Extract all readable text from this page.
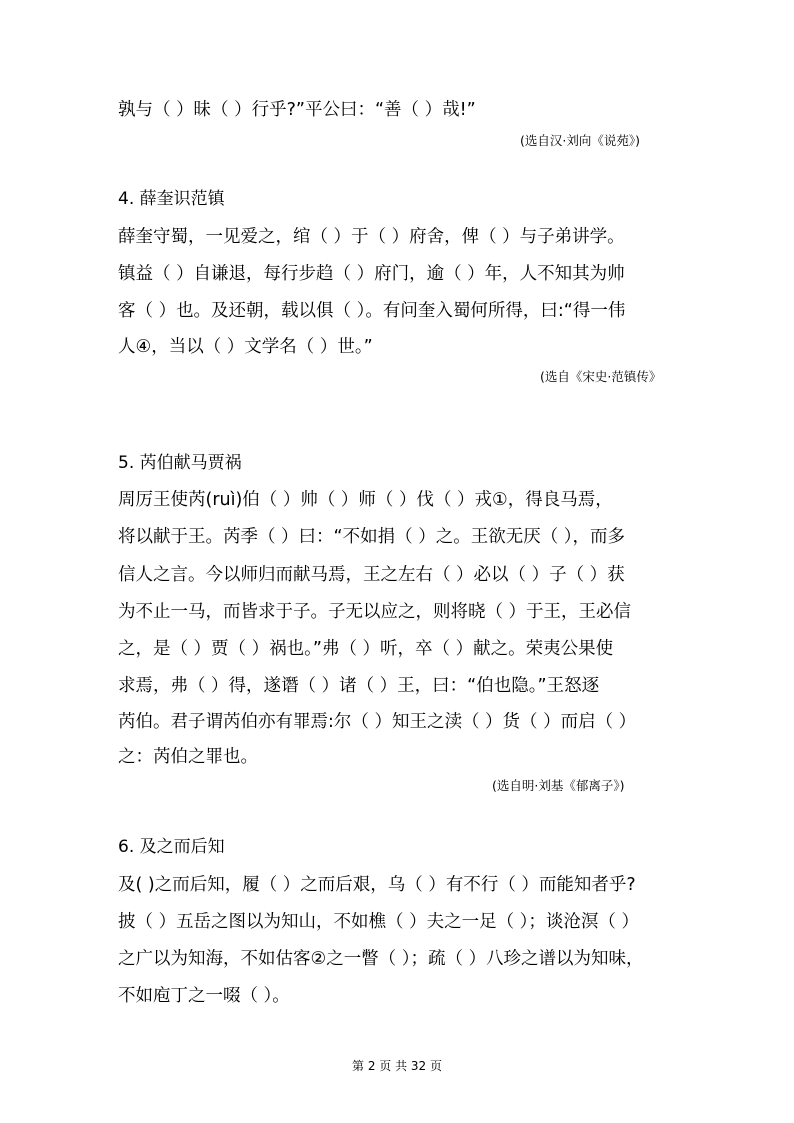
孰与（ ）昧（ ）行乎?”平公曰：“善（ ）哉!”
(选自汉·刘向《说苑》)
4. 薛奎识范镇
薛奎守蜀，一见爱之，绾（ ）于（ ）府舍，俾（ ）与子弟讲学。
镇益（ ）自谦退，每行步趋（ ）府门，逾（ ）年，人不知其为帅
客（ ）也。及还朝，载以俱（ ）。有问奎入蜀何所得，曰:“得一伟
人④，当以（ ）文学名（ ）世。”
(选自《宋史·范镇传》
5. 芮伯献马贾祸
周厉王使芮(ruì)伯（ ）帅（ ）师（ ）伐（ ）戎①，得良马焉，
将以献于王。芮季（ ）曰：“不如捐（ ）之。王欲无厌（ ），而多
信人之言。今以师归而献马焉，王之左右（ ）必以（ ）子（ ）获
为不止一马，而皆求于子。子无以应之，则将晓（ ）于王，王必信
之，是（ ）贾（ ）祸也。”弗（ ）听，卒（ ）献之。荣夷公果使
求焉，弗（ ）得，遂谮（ ）诸（ ）王，曰：“伯也隐。”王怒逐
芮伯。君子谓芮伯亦有罪焉:尔（ ）知王之渎（ ）货（ ）而启（ ）
之：芮伯之罪也。
(选自明·刘基《郁离子》)
6. 及之而后知
及( )之而后知，履（ ）之而后艰，乌（ ）有不行（ ）而能知者乎?
披（ ）五岳之图以为知山，不如樵（ ）夫之一足（ ）；谈沧溟（ ）
之广以为知海，不如估客②之一瞥（ ）；疏（ ）八珍之谱以为知味，
不如庖丁之一啜（ ）。
第 2 页 共 32 页
